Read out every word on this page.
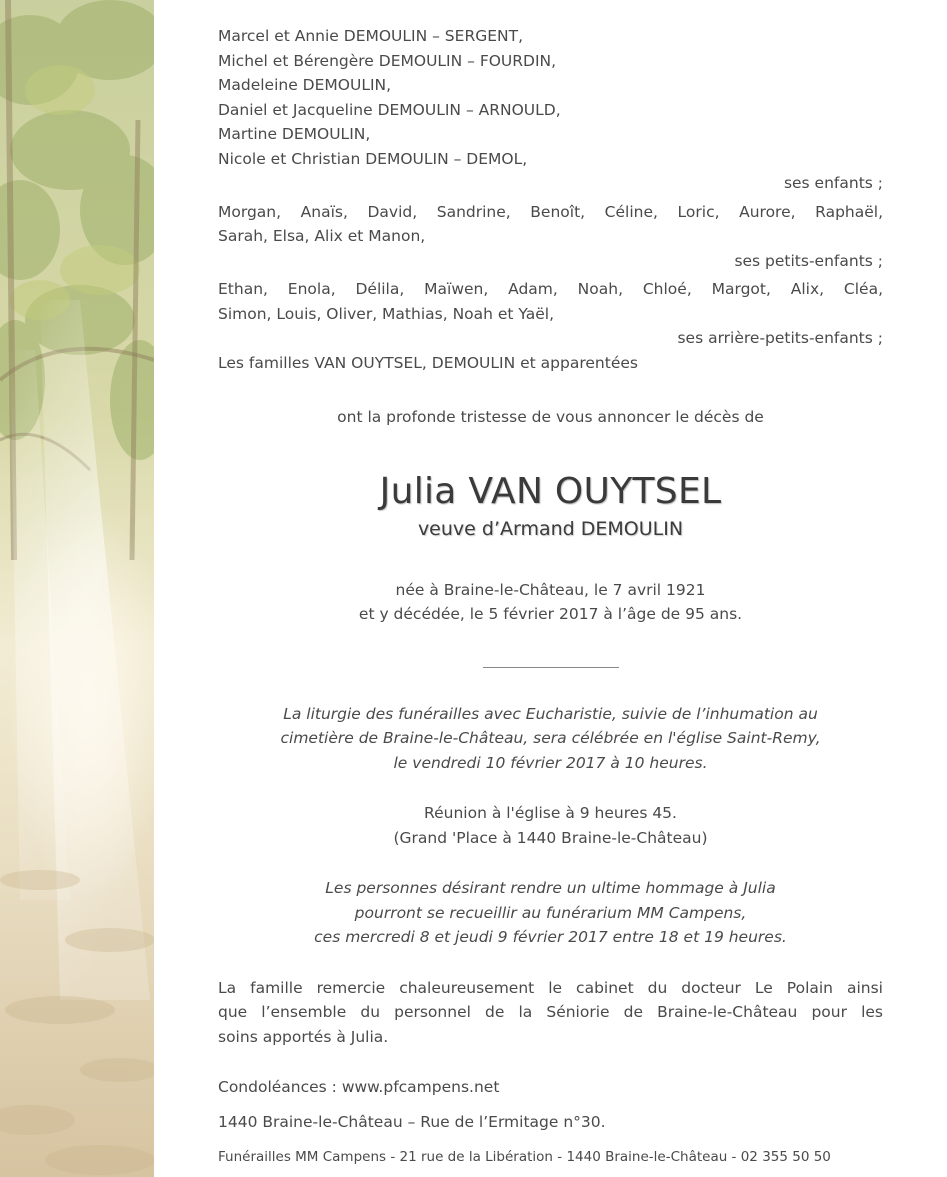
Marcel et Annie DEMOULIN – SERGENT,
Michel et Bérengère DEMOULIN – FOURDIN,
Madeleine DEMOULIN,
Daniel et Jacqueline DEMOULIN – ARNOULD,
Martine DEMOULIN,
Nicole et Christian DEMOULIN – DEMOL,
ses enfants ;
Morgan, Anaïs, David, Sandrine, Benoît, Céline, Loric, Aurore, Raphaël,
Sarah, Elsa, Alix et Manon,
ses petits-enfants ;
Ethan, Enola, Délila, Maïwen, Adam, Noah, Chloé, Margot, Alix, Cléa,
Simon, Louis, Oliver, Mathias, Noah et Yaël,
ses arrière-petits-enfants ;
Les familles VAN OUYTSEL, DEMOULIN et apparentées
ont la profonde tristesse de vous annoncer le décès de
Julia VAN OUYTSEL
veuve d’Armand DEMOULIN
née à Braine-le-Château, le 7 avril 1921
et y décédée, le 5 février 2017 à l’âge de 95 ans.
La liturgie des funérailles avec Eucharistie, suivie de l’inhumation au
cimetière de Braine-le-Château, sera célébrée en l'église Saint-Remy,
le vendredi 10 février 2017 à 10 heures.
Réunion à l'église à 9 heures 45.
(Grand 'Place à 1440 Braine-le-Château)
Les personnes désirant rendre un ultime hommage à Julia
pourront se recueillir au funérarium MM Campens,
ces mercredi 8 et jeudi 9 février 2017 entre 18 et 19 heures.
La famille remercie chaleureusement le cabinet du docteur Le Polain ainsi
que l’ensemble du personnel de la Séniorie de Braine-le-Château pour les
soins apportés à Julia.
Condoléances : www.pfcampens.net
1440 Braine-le-Château – Rue de l’Ermitage n°30.
Funérailles MM Campens - 21 rue de la Libération - 1440 Braine-le-Château - 02 355 50 50
